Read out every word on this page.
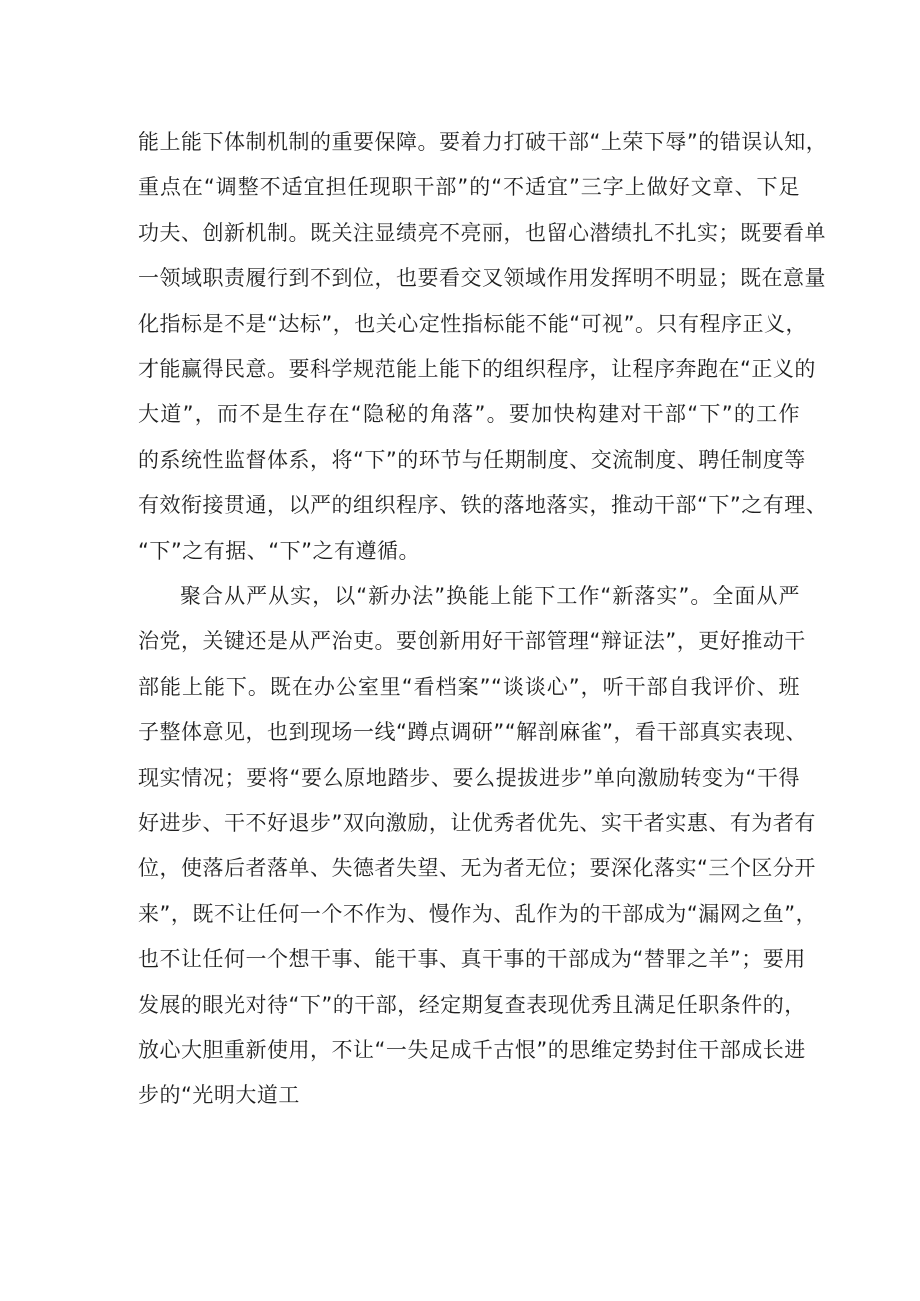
能上能下体制机制的重要保障。要着力打破干部“上荣下辱”的错误认知，
重点在“调整不适宜担任现职干部”的“不适宜”三字上做好文章、下足
功夫、创新机制。既关注显绩亮不亮丽，也留心潜绩扎不扎实；既要看单
一领域职责履行到不到位，也要看交叉领域作用发挥明不明显；既在意量
化指标是不是“达标”，也关心定性指标能不能“可视”。只有程序正义，
才能赢得民意。要科学规范能上能下的组织程序，让程序奔跑在“正义的
大道”，而不是生存在“隐秘的角落”。要加快构建对干部“下”的工作
的系统性监督体系，将“下”的环节与任期制度、交流制度、聘任制度等
有效衔接贯通，以严的组织程序、铁的落地落实，推动干部“下”之有理、
“下”之有据、“下”之有遵循。
聚合从严从实，以“新办法”换能上能下工作“新落实”。全面从严
治党，关键还是从严治吏。要创新用好干部管理“辩证法”，更好推动干
部能上能下。既在办公室里“看档案”“谈谈心”，听干部自我评价、班
子整体意见，也到现场一线“蹲点调研”“解剖麻雀”，看干部真实表现、
现实情况；要将“要么原地踏步、要么提拔进步”单向激励转变为“干得
好进步、干不好退步”双向激励，让优秀者优先、实干者实惠、有为者有
位，使落后者落单、失德者失望、无为者无位；要深化落实“三个区分开
来”，既不让任何一个不作为、慢作为、乱作为的干部成为“漏网之鱼”，
也不让任何一个想干事、能干事、真干事的干部成为“替罪之羊”；要用
发展的眼光对待“下”的干部，经定期复查表现优秀且满足任职条件的，
放心大胆重新使用，不让“一失足成千古恨”的思维定势封住干部成长进
步的“光明大道工
